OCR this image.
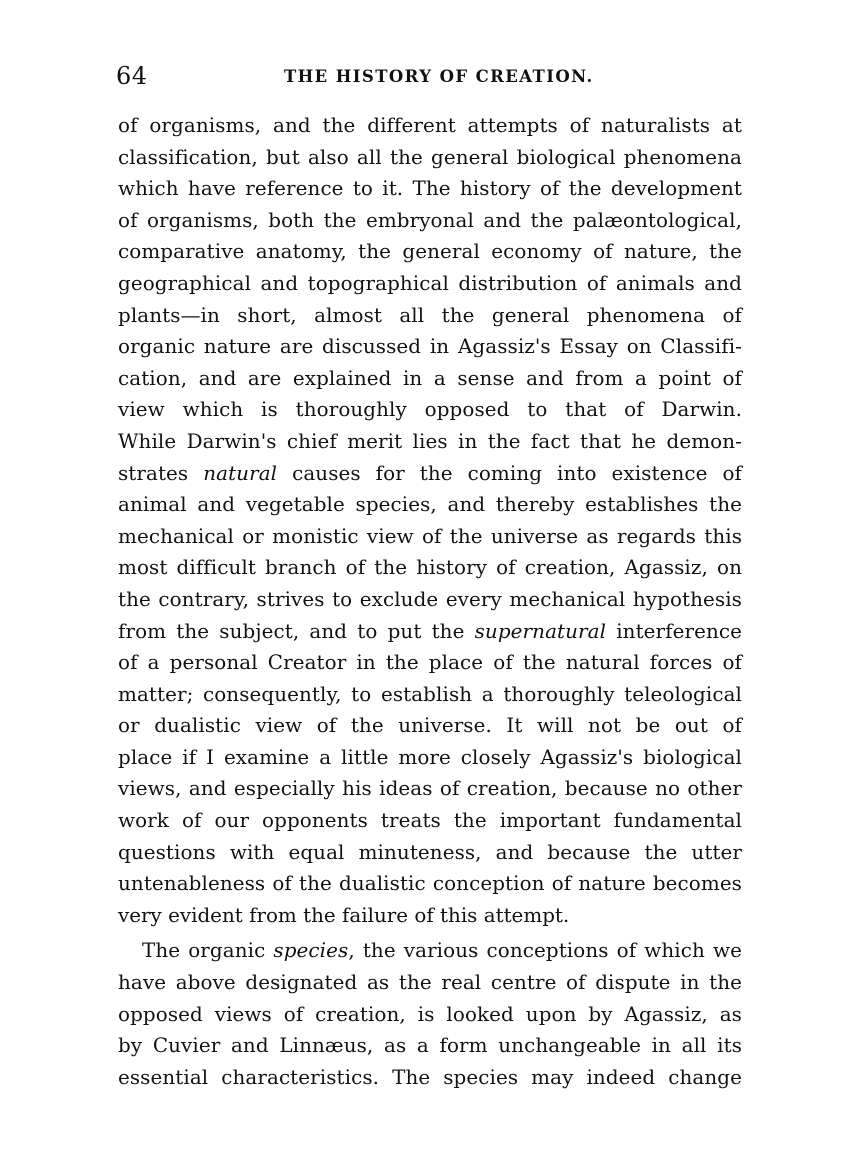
64	THE HISTORY OF CREATION.
of organisms, and the different attempts of naturalists at
classification, but also all the general biological phenomena
which have reference to it. The history of the development
of organisms, both the embryonal and the palæontological,
comparative anatomy, the general economy of nature, the
geographical and topographical distribution of animals and
plants—in short, almost all the general phenomena of
organic nature are discussed in Agassiz's Essay on Classifi-
cation, and are explained in a sense and from a point of
view which is thoroughly opposed to that of Darwin.
While Darwin's chief merit lies in the fact that he demon-
strates natural causes for the coming into existence of
animal and vegetable species, and thereby establishes the
mechanical or monistic view of the universe as regards this
most difficult branch of the history of creation, Agassiz, on
the contrary, strives to exclude every mechanical hypothesis
from the subject, and to put the supernatural interference
of a personal Creator in the place of the natural forces of
matter; consequently, to establish a thoroughly teleological
or dualistic view of the universe. It will not be out of
place if I examine a little more closely Agassiz's biological
views, and especially his ideas of creation, because no other
work of our opponents treats the important fundamental
questions with equal minuteness, and because the utter
untenableness of the dualistic conception of nature becomes
very evident from the failure of this attempt.
The organic species, the various conceptions of which we
have above designated as the real centre of dispute in the
opposed views of creation, is looked upon by Agassiz, as
by Cuvier and Linnæus, as a form unchangeable in all its
essential characteristics. The species may indeed change
